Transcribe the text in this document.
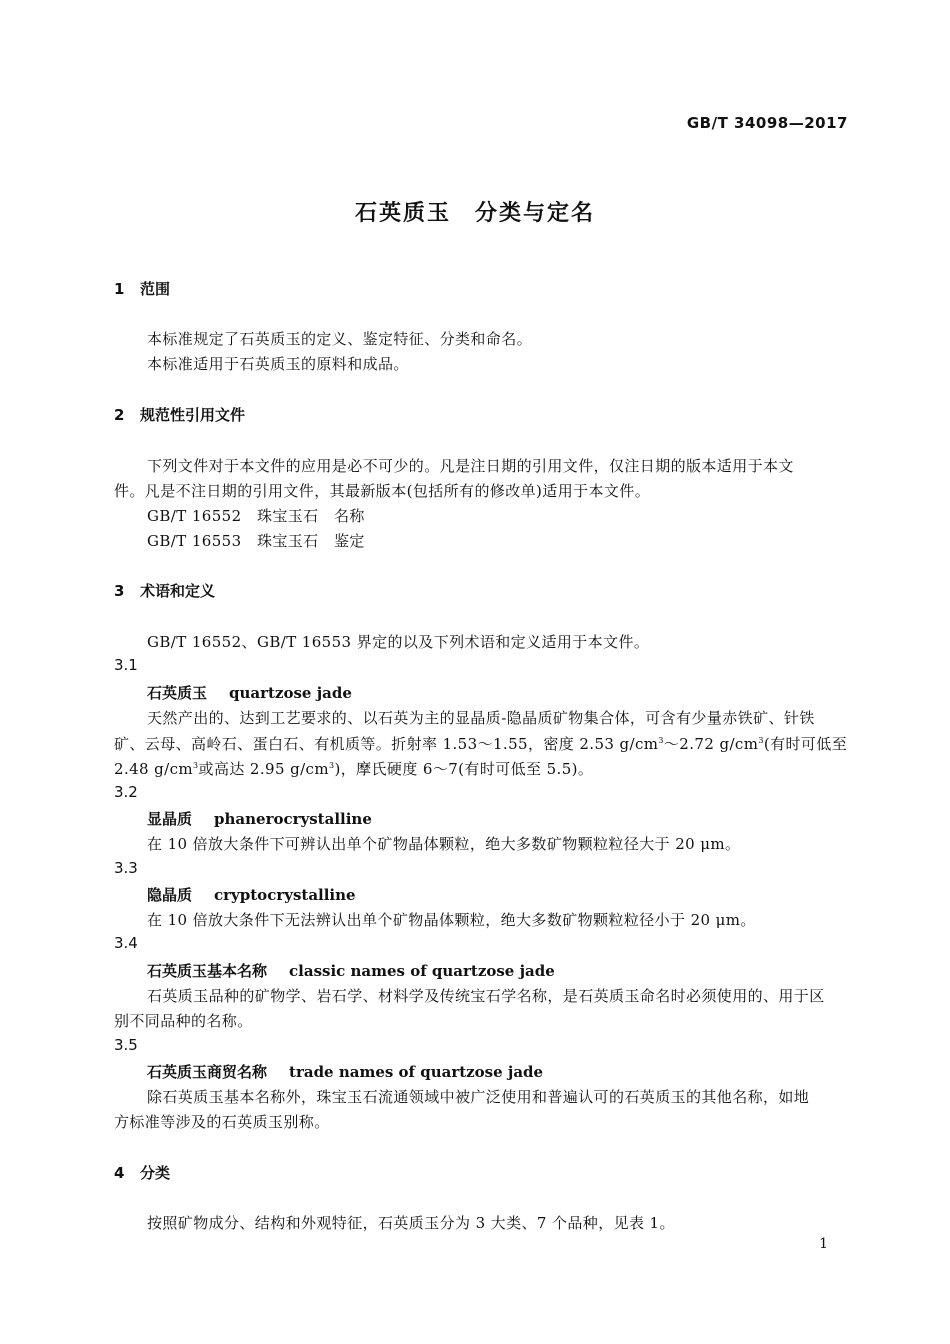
GB/T 34098—2017
石英质玉　分类与定名
1 范围
本标准规定了石英质玉的定义、鉴定特征、分类和命名。
本标准适用于石英质玉的原料和成品。
2 规范性引用文件
下列文件对于本文件的应用是必不可少的。凡是注日期的引用文件，仅注日期的版本适用于本文
件。凡是不注日期的引用文件，其最新版本(包括所有的修改单)适用于本文件。
GB/T 16552　珠宝玉石　名称
GB/T 16553　珠宝玉石　鉴定
3 术语和定义
GB/T 16552、GB/T 16553 界定的以及下列术语和定义适用于本文件。
3.1
石英质玉 quartzose jade
天然产出的、达到工艺要求的、以石英为主的显晶质-隐晶质矿物集合体，可含有少量赤铁矿、针铁
矿、云母、高岭石、蛋白石、有机质等。折射率 1.53～1.55，密度 2.53 $g/cm^3\sim 2.72$ $g/cm^3$(有时可低至
2.48 $g/cm^3$或高达 2.95 $g/cm^3$)，摩氏硬度 6～7(有时可低至 5.5)。
3.2
显晶质 phanerocrystalline
在 10 倍放大条件下可辨认出单个矿物晶体颗粒，绝大多数矿物颗粒粒径大于 20 μm。
3.3
隐晶质 cryptocrystalline
在 10 倍放大条件下无法辨认出单个矿物晶体颗粒，绝大多数矿物颗粒粒径小于 20 μm。
3.4
石英质玉基本名称 classic names of quartzose jade
石英质玉品种的矿物学、岩石学、材料学及传统宝石学名称，是石英质玉命名时必须使用的、用于区
别不同品种的名称。
3.5
石英质玉商贸名称 trade names of quartzose jade
除石英质玉基本名称外，珠宝玉石流通领域中被广泛使用和普遍认可的石英质玉的其他名称，如地
方标准等涉及的石英质玉别称。
4 分类
按照矿物成分、结构和外观特征，石英质玉分为 3 大类、7 个品种，见表 1。
1
